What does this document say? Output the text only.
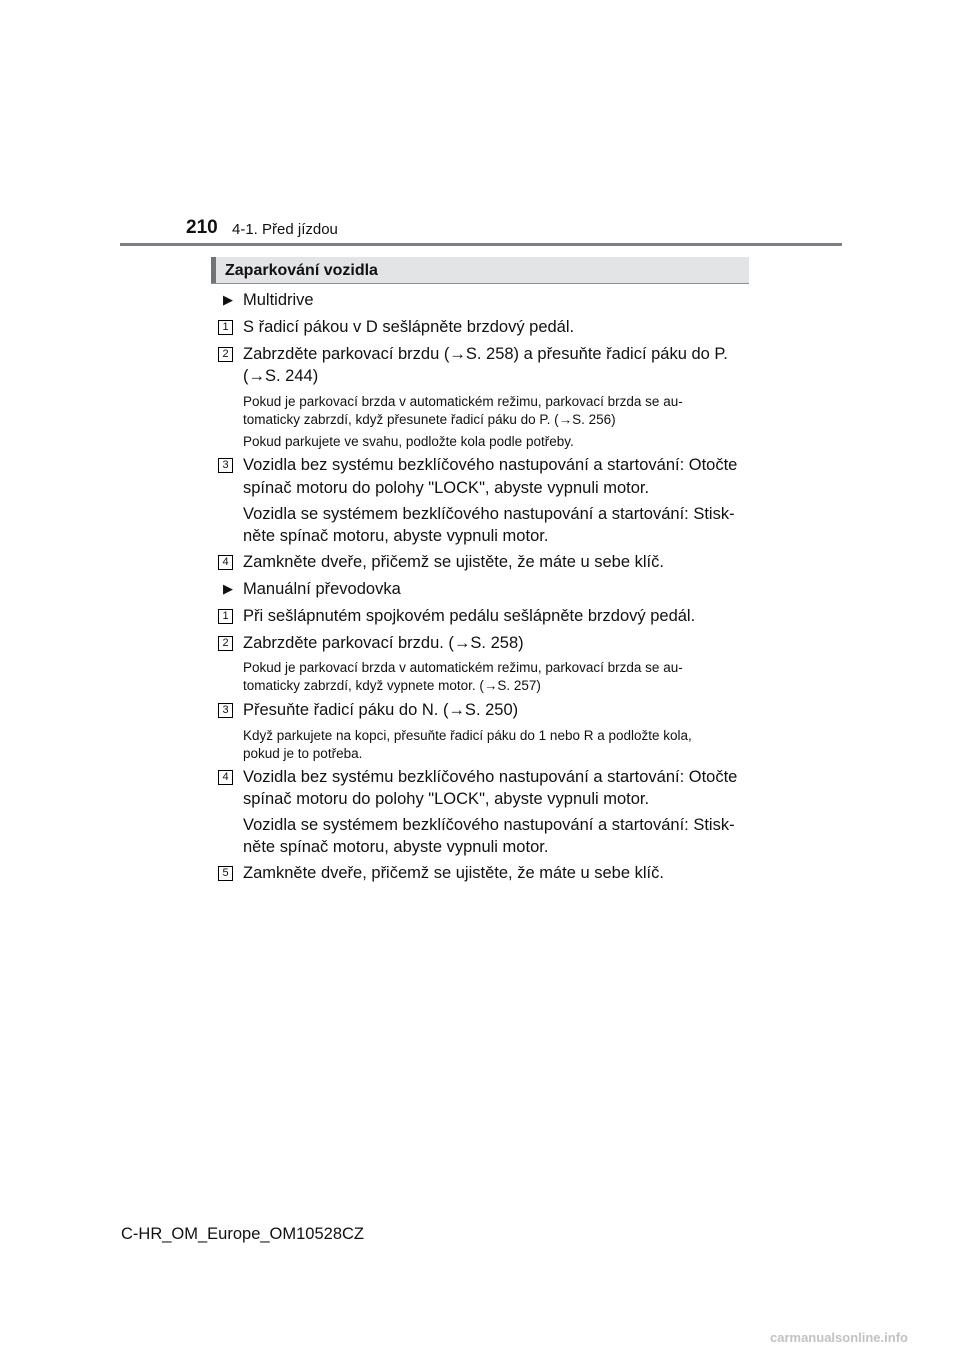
210 4-1. Před jízdou
Zaparkování vozidla
▶ Multidrive
1 S řadicí pákou v D sešlápněte brzdový pedál.
2 Zabrzděte parkovací brzdu (→S. 258) a přesuňte řadicí páku do P.
(→S. 244)
Pokud je parkovací brzda v automatickém režimu, parkovací brzda se au-
tomaticky zabrzdí, když přesunete řadicí páku do P. (→S. 256)
Pokud parkujete ve svahu, podložte kola podle potřeby.
3 Vozidla bez systému bezklíčového nastupování a startování: Otočte
spínač motoru do polohy "LOCK", abyste vypnuli motor.
Vozidla se systémem bezklíčového nastupování a startování: Stisk-
něte spínač motoru, abyste vypnuli motor.
4 Zamkněte dveře, přičemž se ujistěte, že máte u sebe klíč.
▶ Manuální převodovka
1 Při sešlápnutém spojkovém pedálu sešlápněte brzdový pedál.
2 Zabrzděte parkovací brzdu. (→S. 258)
Pokud je parkovací brzda v automatickém režimu, parkovací brzda se au-
tomaticky zabrzdí, když vypnete motor. (→S. 257)
3 Přesuňte řadicí páku do N. (→S. 250)
Když parkujete na kopci, přesuňte řadicí páku do 1 nebo R a podložte kola,
pokud je to potřeba.
4 Vozidla bez systému bezklíčového nastupování a startování: Otočte
spínač motoru do polohy "LOCK", abyste vypnuli motor.
Vozidla se systémem bezklíčového nastupování a startování: Stisk-
něte spínač motoru, abyste vypnuli motor.
5 Zamkněte dveře, přičemž se ujistěte, že máte u sebe klíč.
C-HR_OM_Europe_OM10528CZ
carmanualsonline.info
